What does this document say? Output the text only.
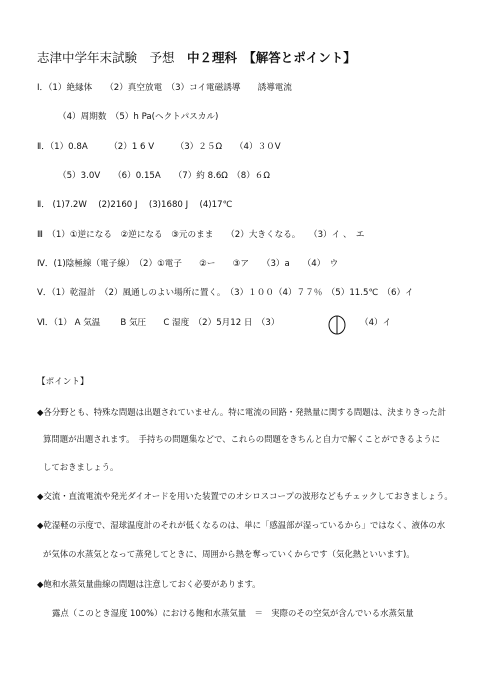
志津中学年末試験　予想　中２理科　【解答とポイント】
Ⅰ．（1）絶縁体　　（2）真空放電　（3）コイ電磁誘導　　誘導電流
（4）周期数　（5）h Pa(ヘクトパスカル)
Ⅱ．（1）0.8A　　　（2）1 6 V　　　（3）２５Ω　　（4）３０V
（5）3.0V　　（6）0.15A　　（7）約 8.6Ω　（8）６Ω
Ⅱ． (1)7.2W　 (2)2160 J　 (3)1680 J　 (4)17℃
Ⅲ　（1）①逆になる　②逆になる　③元のまま　　（2）大きくなる。　　（3）イ 、　エ
Ⅳ．(1)陰極線（電子線）　（2）①電子　　②ー　　③ア　　（3）a　　（4）　ウ
Ⅴ．（1）乾湿計　（2）風通しのよい場所に置く。　（3）１００（4）７７％　（5）11.5℃　（6）イ
Ⅵ．（1） A 気温　　 B 気圧　　C 湿度　（2）5月12 日　（3）	（4）イ
【ポイント】
◆各分野とも、特殊な問題は出題されていません。特に電流の回路・発熱量に関する問題は、決まりきった計
算問題が出題されます。　手持ちの問題集などで、これらの問題をきちんと自力で解くことができるように
しておきましょう。
◆交流・直流電流や発光ダイオードを用いた装置でのオシロスコープの波形などもチェックしておきましょう。
◆乾湿軽の示度で、湿球温度計のそれが低くなるのは、単に「感温部が湿っているから」ではなく、液体の水
が気体の水蒸気となって蒸発してときに、周囲から熱を奪っていくからです（気化熱といいます)。
◆飽和水蒸気量曲線の問題は注意しておく必要があります。
露点（このとき湿度 100%）における飽和水蒸気量　＝　実際のその空気が含んでいる水蒸気量
